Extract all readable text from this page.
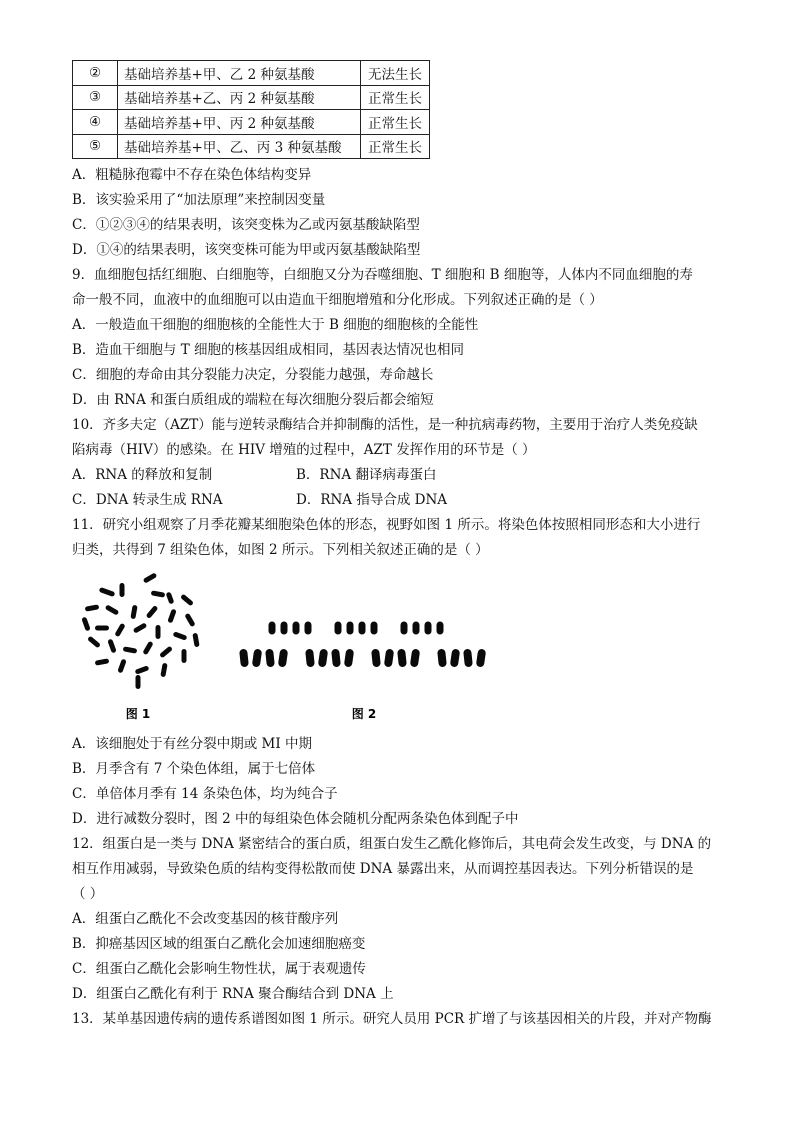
②	基础培养基+甲、乙 2 种氨基酸	无法生长
③	基础培养基+乙、丙 2 种氨基酸	正常生长
④	基础培养基+甲、丙 2 种氨基酸	正常生长
⑤	基础培养基+甲、乙、丙 3 种氨基酸	正常生长
A．粗糙脉孢霉中不存在染色体结构变异
B．该实验采用了“加法原理”来控制因变量
C．①②③④的结果表明，该突变株为乙或丙氨基酸缺陷型
D．①④的结果表明，该突变株可能为甲或丙氨基酸缺陷型
9．血细胞包括红细胞、白细胞等，白细胞又分为吞噬细胞、T 细胞和 B 细胞等，人体内不同血细胞的寿
命一般不同，血液中的血细胞可以由造血干细胞增殖和分化形成。下列叙述正确的是（ ）
A．一般造血干细胞的细胞核的全能性大于 B 细胞的细胞核的全能性
B．造血干细胞与 T 细胞的核基因组成相同，基因表达情况也相同
C．细胞的寿命由其分裂能力决定，分裂能力越强，寿命越长
D．由 RNA 和蛋白质组成的端粒在每次细胞分裂后都会缩短
10．齐多夫定（AZT）能与逆转录酶结合并抑制酶的活性，是一种抗病毒药物，主要用于治疗人类免疫缺
陷病毒（HIV）的感染。在 HIV 增殖的过程中，AZT 发挥作用的环节是（ ）
A．RNA 的释放和复制	B．RNA 翻译病毒蛋白
C．DNA 转录生成 RNA	D．RNA 指导合成 DNA
11．研究小组观察了月季花瓣某细胞染色体的形态，视野如图 1 所示。将染色体按照相同形态和大小进行
归类，共得到 7 组染色体，如图 2 所示。下列相关叙述正确的是（ ）
图 1	图 2
A．该细胞处于有丝分裂中期或 MI 中期
B．月季含有 7 个染色体组，属于七倍体
C．单倍体月季有 14 条染色体，均为纯合子
D．进行减数分裂时，图 2 中的每组染色体会随机分配两条染色体到配子中
12．组蛋白是一类与 DNA 紧密结合的蛋白质，组蛋白发生乙酰化修饰后，其电荷会发生改变，与 DNA 的
相互作用减弱，导致染色质的结构变得松散而使 DNA 暴露出来，从而调控基因表达。下列分析错误的是
（ ）
A．组蛋白乙酰化不会改变基因的核苷酸序列
B．抑癌基因区域的组蛋白乙酰化会加速细胞癌变
C．组蛋白乙酰化会影响生物性状，属于表观遗传
D．组蛋白乙酰化有利于 RNA 聚合酶结合到 DNA 上
13．某单基因遗传病的遗传系谱图如图 1 所示。研究人员用 PCR 扩增了与该基因相关的片段，并对产物酶
